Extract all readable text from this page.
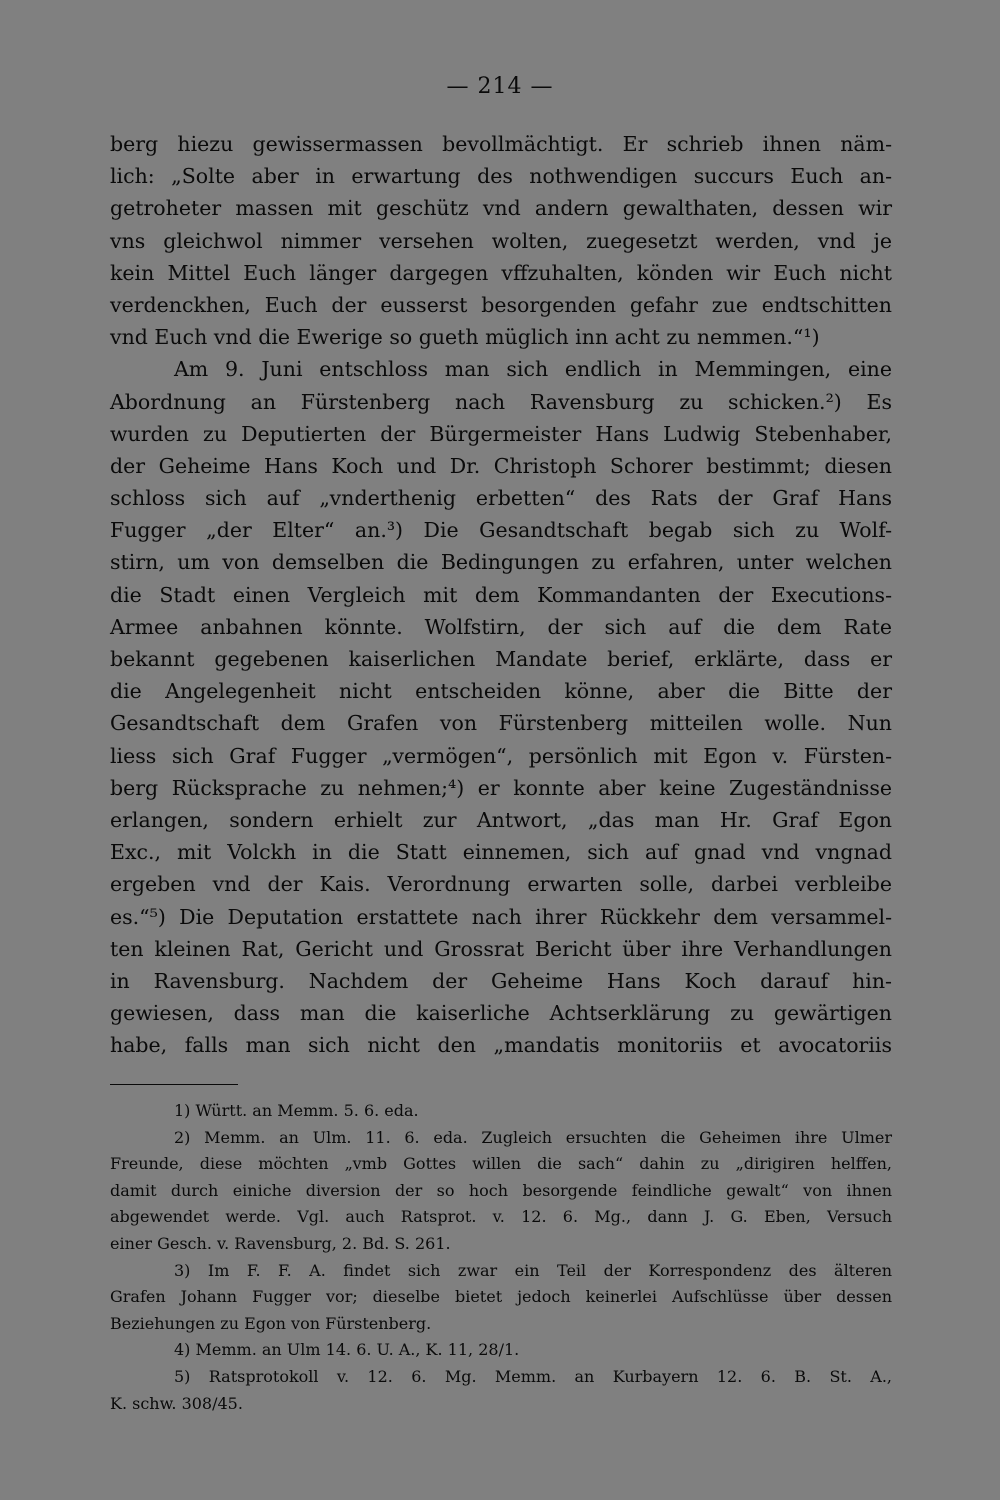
— 214 —
berg hiezu gewissermassen bevollmächtigt. Er schrieb ihnen näm-
lich: „Solte aber in erwartung des nothwendigen succurs Euch an-
getroheter massen mit geschütz vnd andern gewalthaten, dessen wir
vns gleichwol nimmer versehen wolten, zuegesetzt werden, vnd je
kein Mittel Euch länger dargegen vffzuhalten, könden wir Euch nicht
verdenckhen, Euch der eusserst besorgenden gefahr zue endtschitten
vnd Euch vnd die Ewerige so gueth müglich inn acht zu nemmen.“¹)
Am 9. Juni entschloss man sich endlich in Memmingen, eine
Abordnung an Fürstenberg nach Ravensburg zu schicken.²) Es
wurden zu Deputierten der Bürgermeister Hans Ludwig Stebenhaber,
der Geheime Hans Koch und Dr. Christoph Schorer bestimmt; diesen
schloss sich auf „vnderthenig erbetten“ des Rats der Graf Hans
Fugger „der Elter“ an.³) Die Gesandtschaft begab sich zu Wolf-
stirn, um von demselben die Bedingungen zu erfahren, unter welchen
die Stadt einen Vergleich mit dem Kommandanten der Executions-
Armee anbahnen könnte. Wolfstirn, der sich auf die dem Rate
bekannt gegebenen kaiserlichen Mandate berief, erklärte, dass er
die Angelegenheit nicht entscheiden könne, aber die Bitte der
Gesandtschaft dem Grafen von Fürstenberg mitteilen wolle. Nun
liess sich Graf Fugger „vermögen“, persönlich mit Egon v. Fürsten-
berg Rücksprache zu nehmen;⁴) er konnte aber keine Zugeständnisse
erlangen, sondern erhielt zur Antwort, „das man Hr. Graf Egon
Exc., mit Volckh in die Statt einnemen, sich auf gnad vnd vngnad
ergeben vnd der Kais. Verordnung erwarten solle, darbei verbleibe
es.“⁵) Die Deputation erstattete nach ihrer Rückkehr dem versammel-
ten kleinen Rat, Gericht und Grossrat Bericht über ihre Verhandlungen
in Ravensburg. Nachdem der Geheime Hans Koch darauf hin-
gewiesen, dass man die kaiserliche Achtserklärung zu gewärtigen
habe, falls man sich nicht den „mandatis monitoriis et avocatoriis
1) Württ. an Memm. 5. 6. eda.
2) Memm. an Ulm. 11. 6. eda. Zugleich ersuchten die Geheimen ihre Ulmer
Freunde, diese möchten „vmb Gottes willen die sach“ dahin zu „dirigiren helffen,
damit durch einiche diversion der so hoch besorgende feindliche gewalt“ von ihnen
abgewendet werde. Vgl. auch Ratsprot. v. 12. 6. Mg., dann J. G. Eben, Versuch
einer Gesch. v. Ravensburg, 2. Bd. S. 261.
3) Im F. F. A. findet sich zwar ein Teil der Korrespondenz des älteren
Grafen Johann Fugger vor; dieselbe bietet jedoch keinerlei Aufschlüsse über dessen
Beziehungen zu Egon von Fürstenberg.
4) Memm. an Ulm 14. 6. U. A., K. 11, 28/1.
5) Ratsprotokoll v. 12. 6. Mg. Memm. an Kurbayern 12. 6. B. St. A.,
K. schw. 308/45.
